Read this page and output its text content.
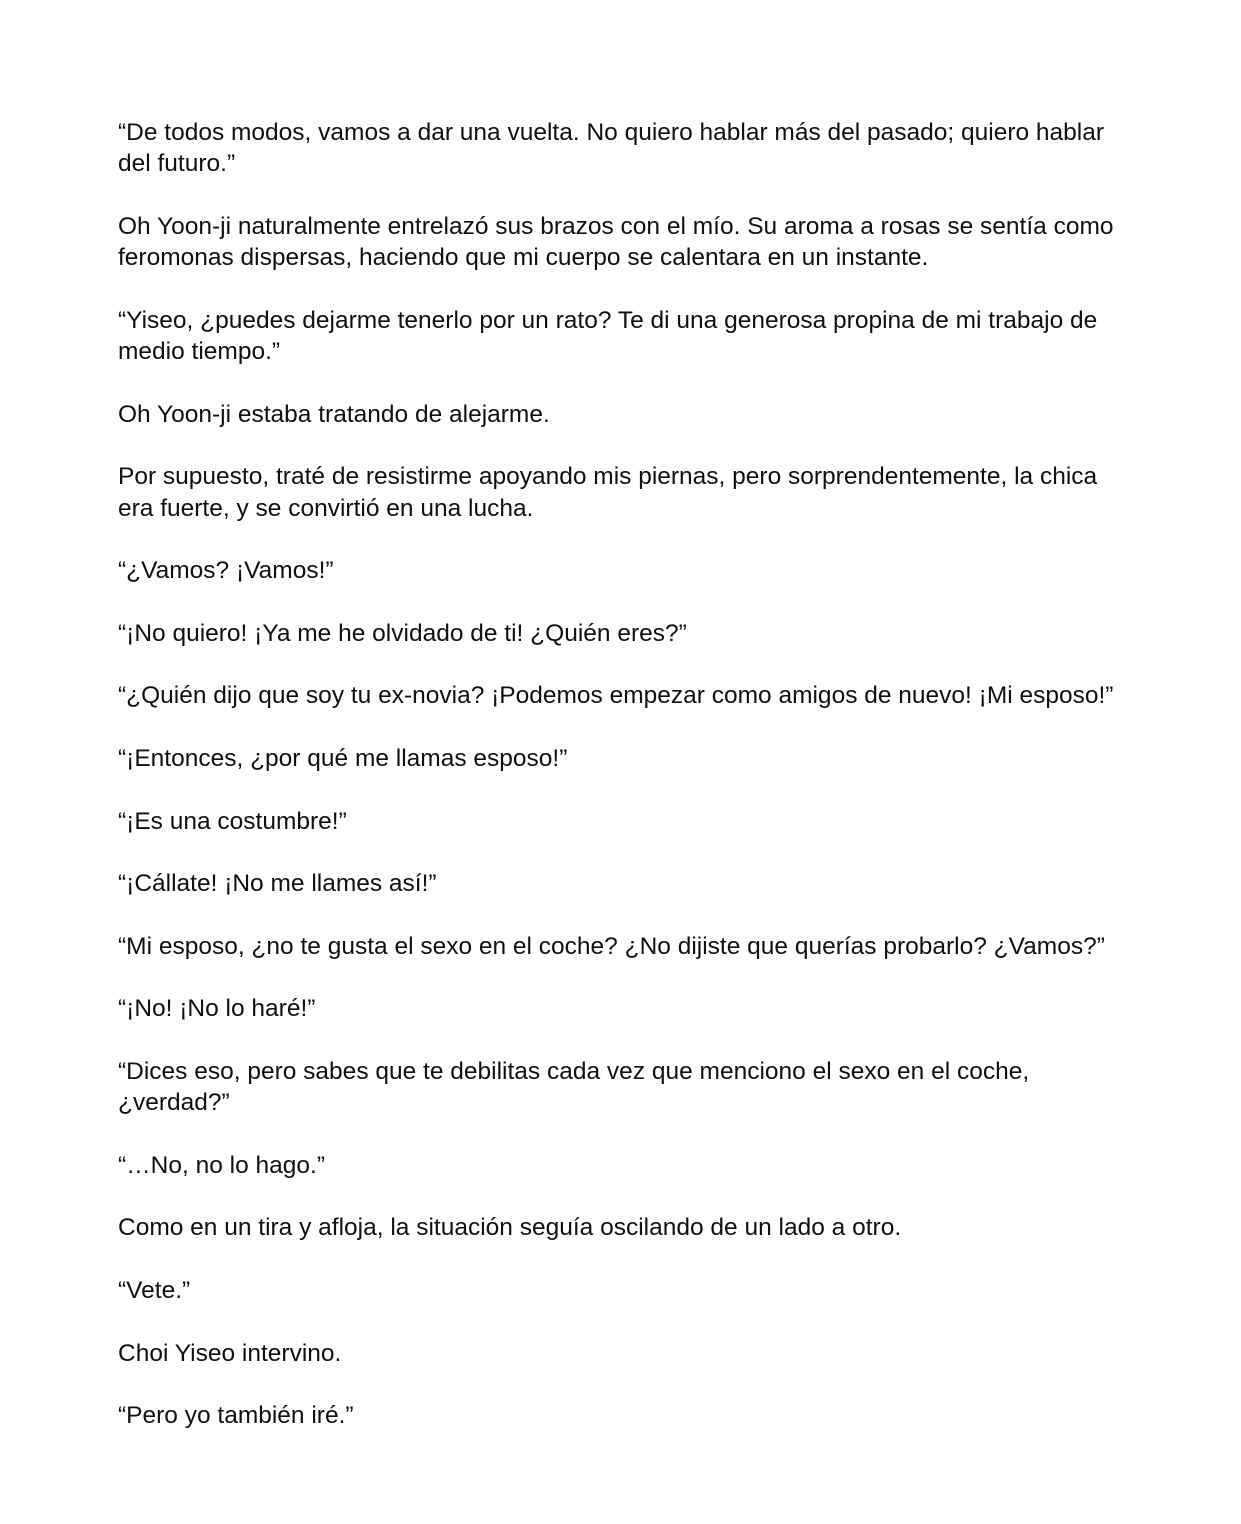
“De todos modos, vamos a dar una vuelta. No quiero hablar más del pasado; quiero hablar del futuro.”

Oh Yoon-ji naturalmente entrelazó sus brazos con el mío. Su aroma a rosas se sentía como feromonas dispersas, haciendo que mi cuerpo se calentara en un instante.

“Yiseo, ¿puedes dejarme tenerlo por un rato? Te di una generosa propina de mi trabajo de medio tiempo.”

Oh Yoon-ji estaba tratando de alejarme.

Por supuesto, traté de resistirme apoyando mis piernas, pero sorprendentemente, la chica era fuerte, y se convirtió en una lucha.

“¿Vamos? ¡Vamos!”

“¡No quiero! ¡Ya me he olvidado de ti! ¿Quién eres?”

“¿Quién dijo que soy tu ex-novia? ¡Podemos empezar como amigos de nuevo! ¡Mi esposo!”

“¡Entonces, ¿por qué me llamas esposo!”

“¡Es una costumbre!”

“¡Cállate! ¡No me llames así!”

“Mi esposo, ¿no te gusta el sexo en el coche? ¿No dijiste que querías probarlo? ¿Vamos?”

“¡No! ¡No lo haré!”

“Dices eso, pero sabes que te debilitas cada vez que menciono el sexo en el coche, ¿verdad?”

“…No, no lo hago.”

Como en un tira y afloja, la situación seguía oscilando de un lado a otro.

“Vete.”

Choi Yiseo intervino.

“Pero yo también iré.”
